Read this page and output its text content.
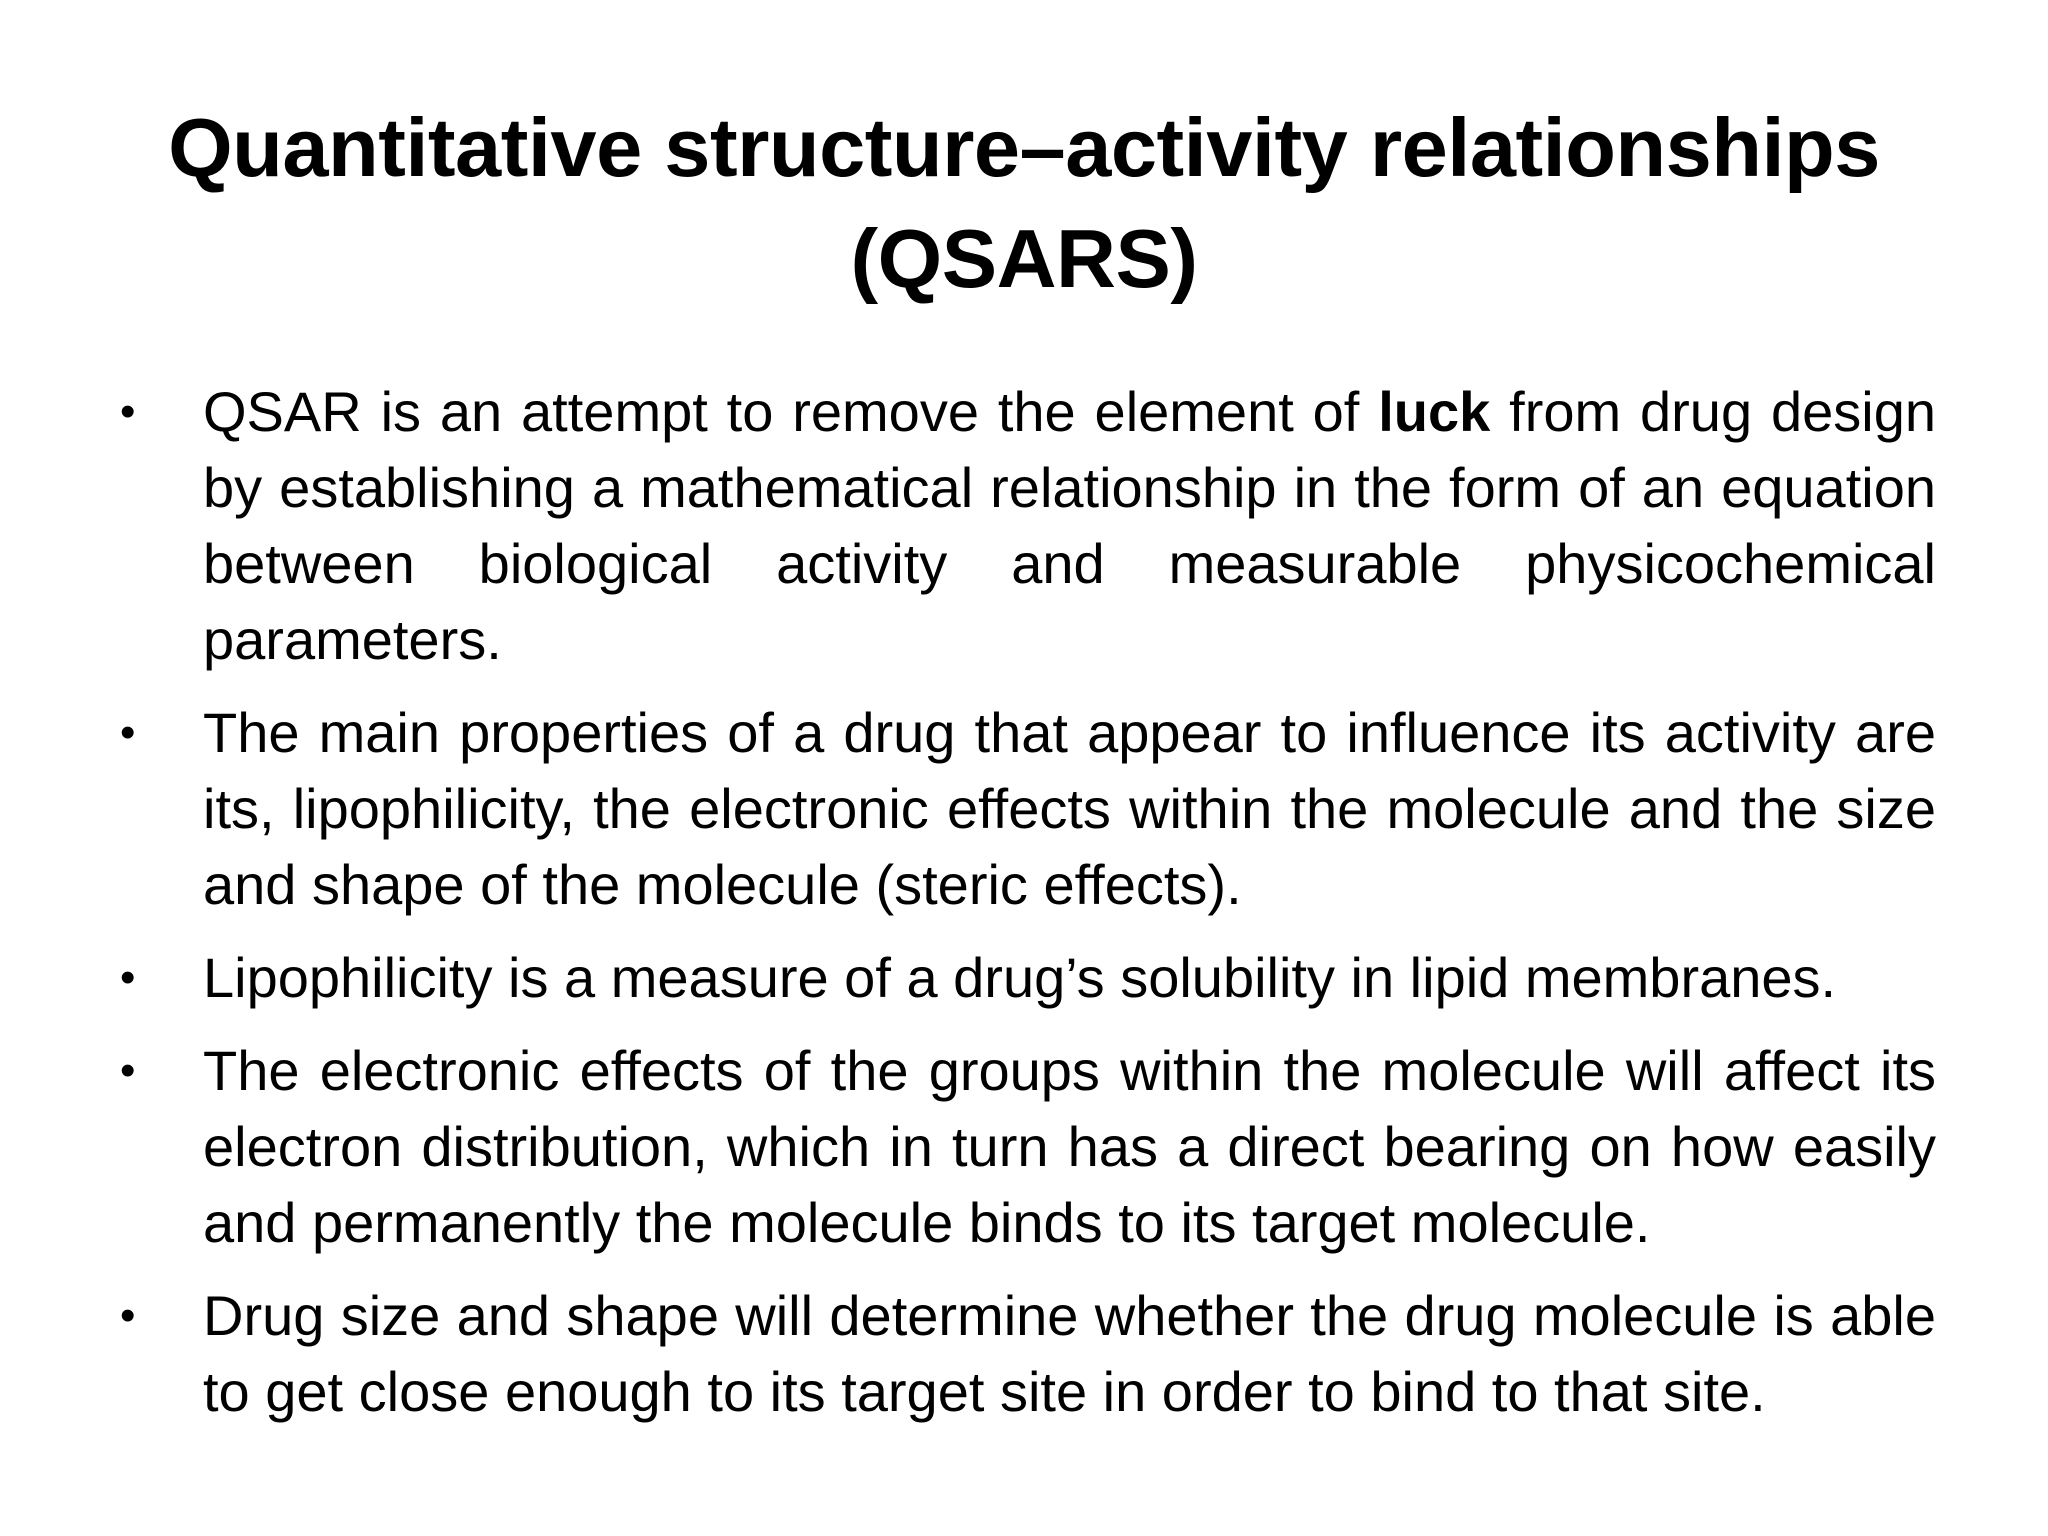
Quantitative structure–activity relationships
(QSARS)
• QSAR is an attempt to remove the element of luck from drug design by establishing a mathematical relationship in the form of an equation between biological activity and measurable physicochemical parameters.
• The main properties of a drug that appear to influence its activity are its, lipophilicity, the electronic effects within the molecule and the size and shape of the molecule (steric effects).
• Lipophilicity is a measure of a drug’s solubility in lipid membranes.
• The electronic effects of the groups within the molecule will affect its electron distribution, which in turn has a direct bearing on how easily and permanently the molecule binds to its target molecule.
• Drug size and shape will determine whether the drug molecule is able to get close enough to its target site in order to bind to that site.
